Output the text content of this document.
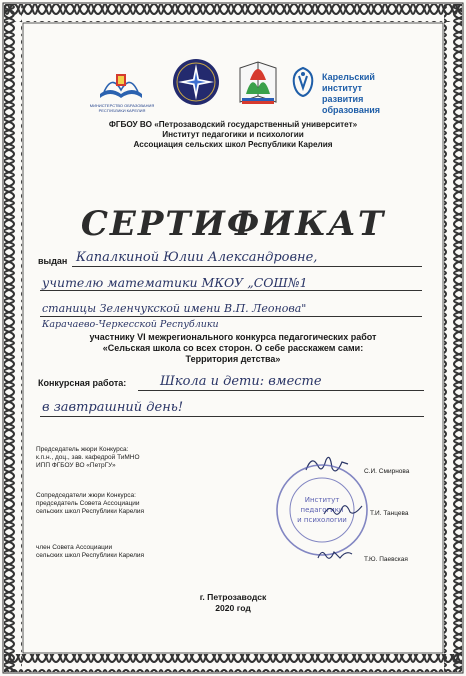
МИНИСТЕРСТВО ОБРАЗОВАНИЯ РЕСПУБЛИКИ КАРЕЛИЯ
Карельский
институт
развития
образования
ФГБОУ ВО «Петрозаводский государственный университет»
Институт педагогики и психологии
Ассоциация сельских школ Республики Карелия
СЕРТИФИКАТ
выдан Капалкиной Юлии Александровне,
учителю математики МКОУ „СОШ№1
станицы Зеленчукской имени В.П. Леонова"
Карачаево-Черкесской Республики
участнику VI межрегионального конкурса педагогических работ
«Сельская школа со всех сторон. О себе расскажем сами:
Территория детства»
Конкурсная работа:	Школа и дети: вместе
в завтрашний день!
Председатель жюри Конкурса:
к.п.н., доц., зав. кафедрой ТиМНО
ИПП ФГБОУ ВО «ПетрГУ»
С.И. Смирнова
Сопредседатели жюри Конкурса:
председатель Совета Ассоциации
сельских школ Республики Карелия
Институт
педагогики
и психологии
Т.И. Танцева
член Совета Ассоциации
сельских школ Республики Карелия
Т.Ю. Паевская
г. Петрозаводск
2020 год
